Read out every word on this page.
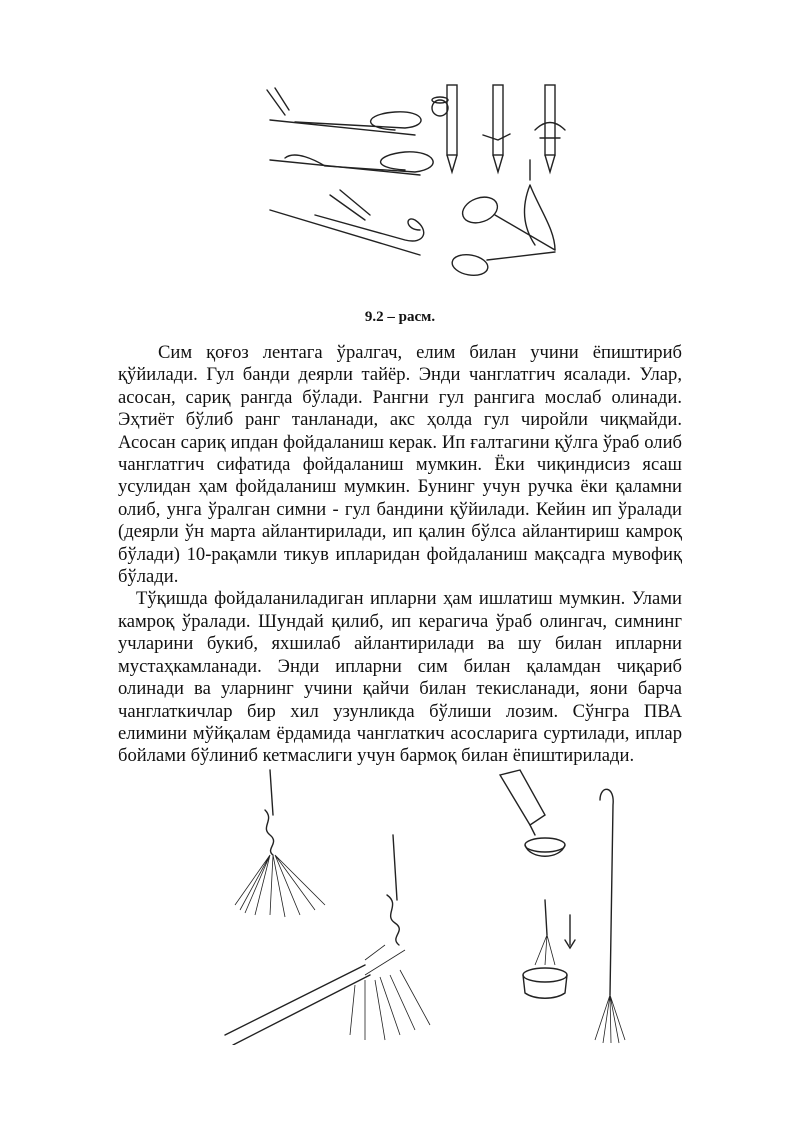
9.2 – расм.

Сим қоғоз лентага ўралгач, елим билан учини ёпиштириб қўйилади. Гул банди деярли тайёр. Энди чанглатгич ясалади. Улар, асосан, сариқ рангда бўлади. Рангни гул рангига мослаб олинади. Эҳтиёт бўлиб ранг танланади, акс ҳолда гул чиройли чиқмайди. Асосан сариқ ипдан фойдаланиш керак. Ип ғалтагини қўлга ўраб олиб чанглатгич сифатида фойдаланиш мумкин. Ёки чиқиндисиз ясаш усулидан ҳам фойдаланиш мумкин. Бунинг учун ручка ёки қаламни олиб, унга ўралган симни - гул бандини қўйилади. Кейин ип ўралади (деярли ўн марта айлантирилади, ип қалин бўлса айлантириш камроқ бўлади) 10-рақамли тикув ипларидан фойдаланиш мақсадга мувофиқ бўлади.

Тўқишда фойдаланиладиган ипларни ҳам ишлатиш мумкин. Улами камроқ ўралади. Шундай қилиб, ип керагича ўраб олингач, симнинг учларини букиб, яхшилаб айлантирилади ва шу билан ипларни мустаҳкамланади. Энди ипларни сим билан қаламдан чиқариб олинади ва уларнинг учини қайчи билан текисланади, яони барча чанглаткичлар бир хил узунликда бўлиши лозим. Сўнгра ПВА елимини мўйқалам ёрдамида чанглаткич асосларига суртилади, иплар бойлами бўлиниб кетмаслиги учун бармоқ билан ёпиштирилади.
